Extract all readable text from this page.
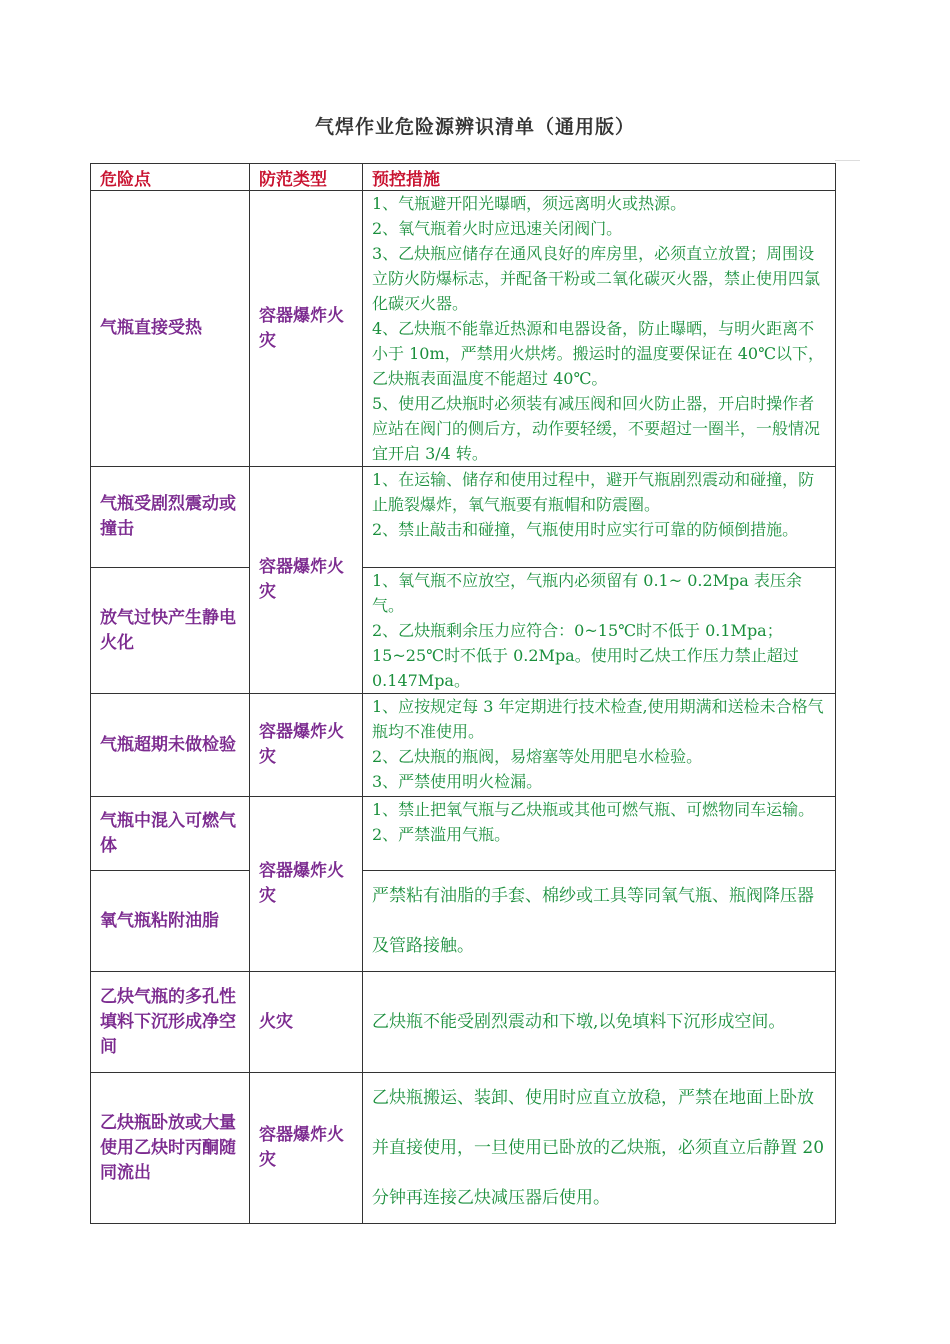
气焊作业危险源辨识清单（通用版）
危险点	防范类型	预控措施
气瓶直接受热	容器爆炸火灾	1、气瓶避开阳光曝晒，须远离明火或热源。
2、氧气瓶着火时应迅速关闭阀门。
3、乙炔瓶应储存在通风良好的库房里，必须直立放置；周围设立防火防爆标志，并配备干粉或二氧化碳灭火器，禁止使用四氯化碳灭火器。
4、乙炔瓶不能靠近热源和电器设备，防止曝晒，与明火距离不小于 10m，严禁用火烘烤。搬运时的温度要保证在 40℃以下，乙炔瓶表面温度不能超过 40℃。
5、使用乙炔瓶时必须装有减压阀和回火防止器，开启时操作者应站在阀门的侧后方，动作要轻缓，不要超过一圈半，一般情况宜开启 3/4 转。

气瓶受剧烈震动或撞击	容器爆炸火灾	1、在运输、储存和使用过程中，避开气瓶剧烈震动和碰撞，防止脆裂爆炸，氧气瓶要有瓶帽和防震圈。
2、禁止敲击和碰撞，气瓶使用时应实行可靠的防倾倒措施。

放气过快产生静电火化		1、氧气瓶不应放空，气瓶内必须留有 0.1~ 0.2Mpa 表压余气。
2、乙炔瓶剩余压力应符合：0~15℃时不低于 0.1Mpa；15~25℃时不低于 0.2Mpa。使用时乙炔工作压力禁止超过 0.147Mpa。

气瓶超期未做检验	容器爆炸火灾	1、应按规定每 3 年定期进行技术检查,使用期满和送检未合格气瓶均不准使用。
2、乙炔瓶的瓶阀，易熔塞等处用肥皂水检验。
3、严禁使用明火检漏。

气瓶中混入可燃气体	容器爆炸火灾	1、禁止把氧气瓶与乙炔瓶或其他可燃气瓶、可燃物同车运输。
2、严禁滥用气瓶。

氧气瓶粘附油脂		严禁粘有油脂的手套、棉纱或工具等同氧气瓶、瓶阀降压器及管路接触。
乙炔气瓶的多孔性填料下沉形成净空间	火灾	乙炔瓶不能受剧烈震动和下墩,以免填料下沉形成空间。
乙炔瓶卧放或大量使用乙炔时丙酮随同流出	容器爆炸火灾	乙炔瓶搬运、装卸、使用时应直立放稳，严禁在地面上卧放并直接使用，一旦使用已卧放的乙炔瓶，必须直立后静置 20 分钟再连接乙炔减压器后使用。
